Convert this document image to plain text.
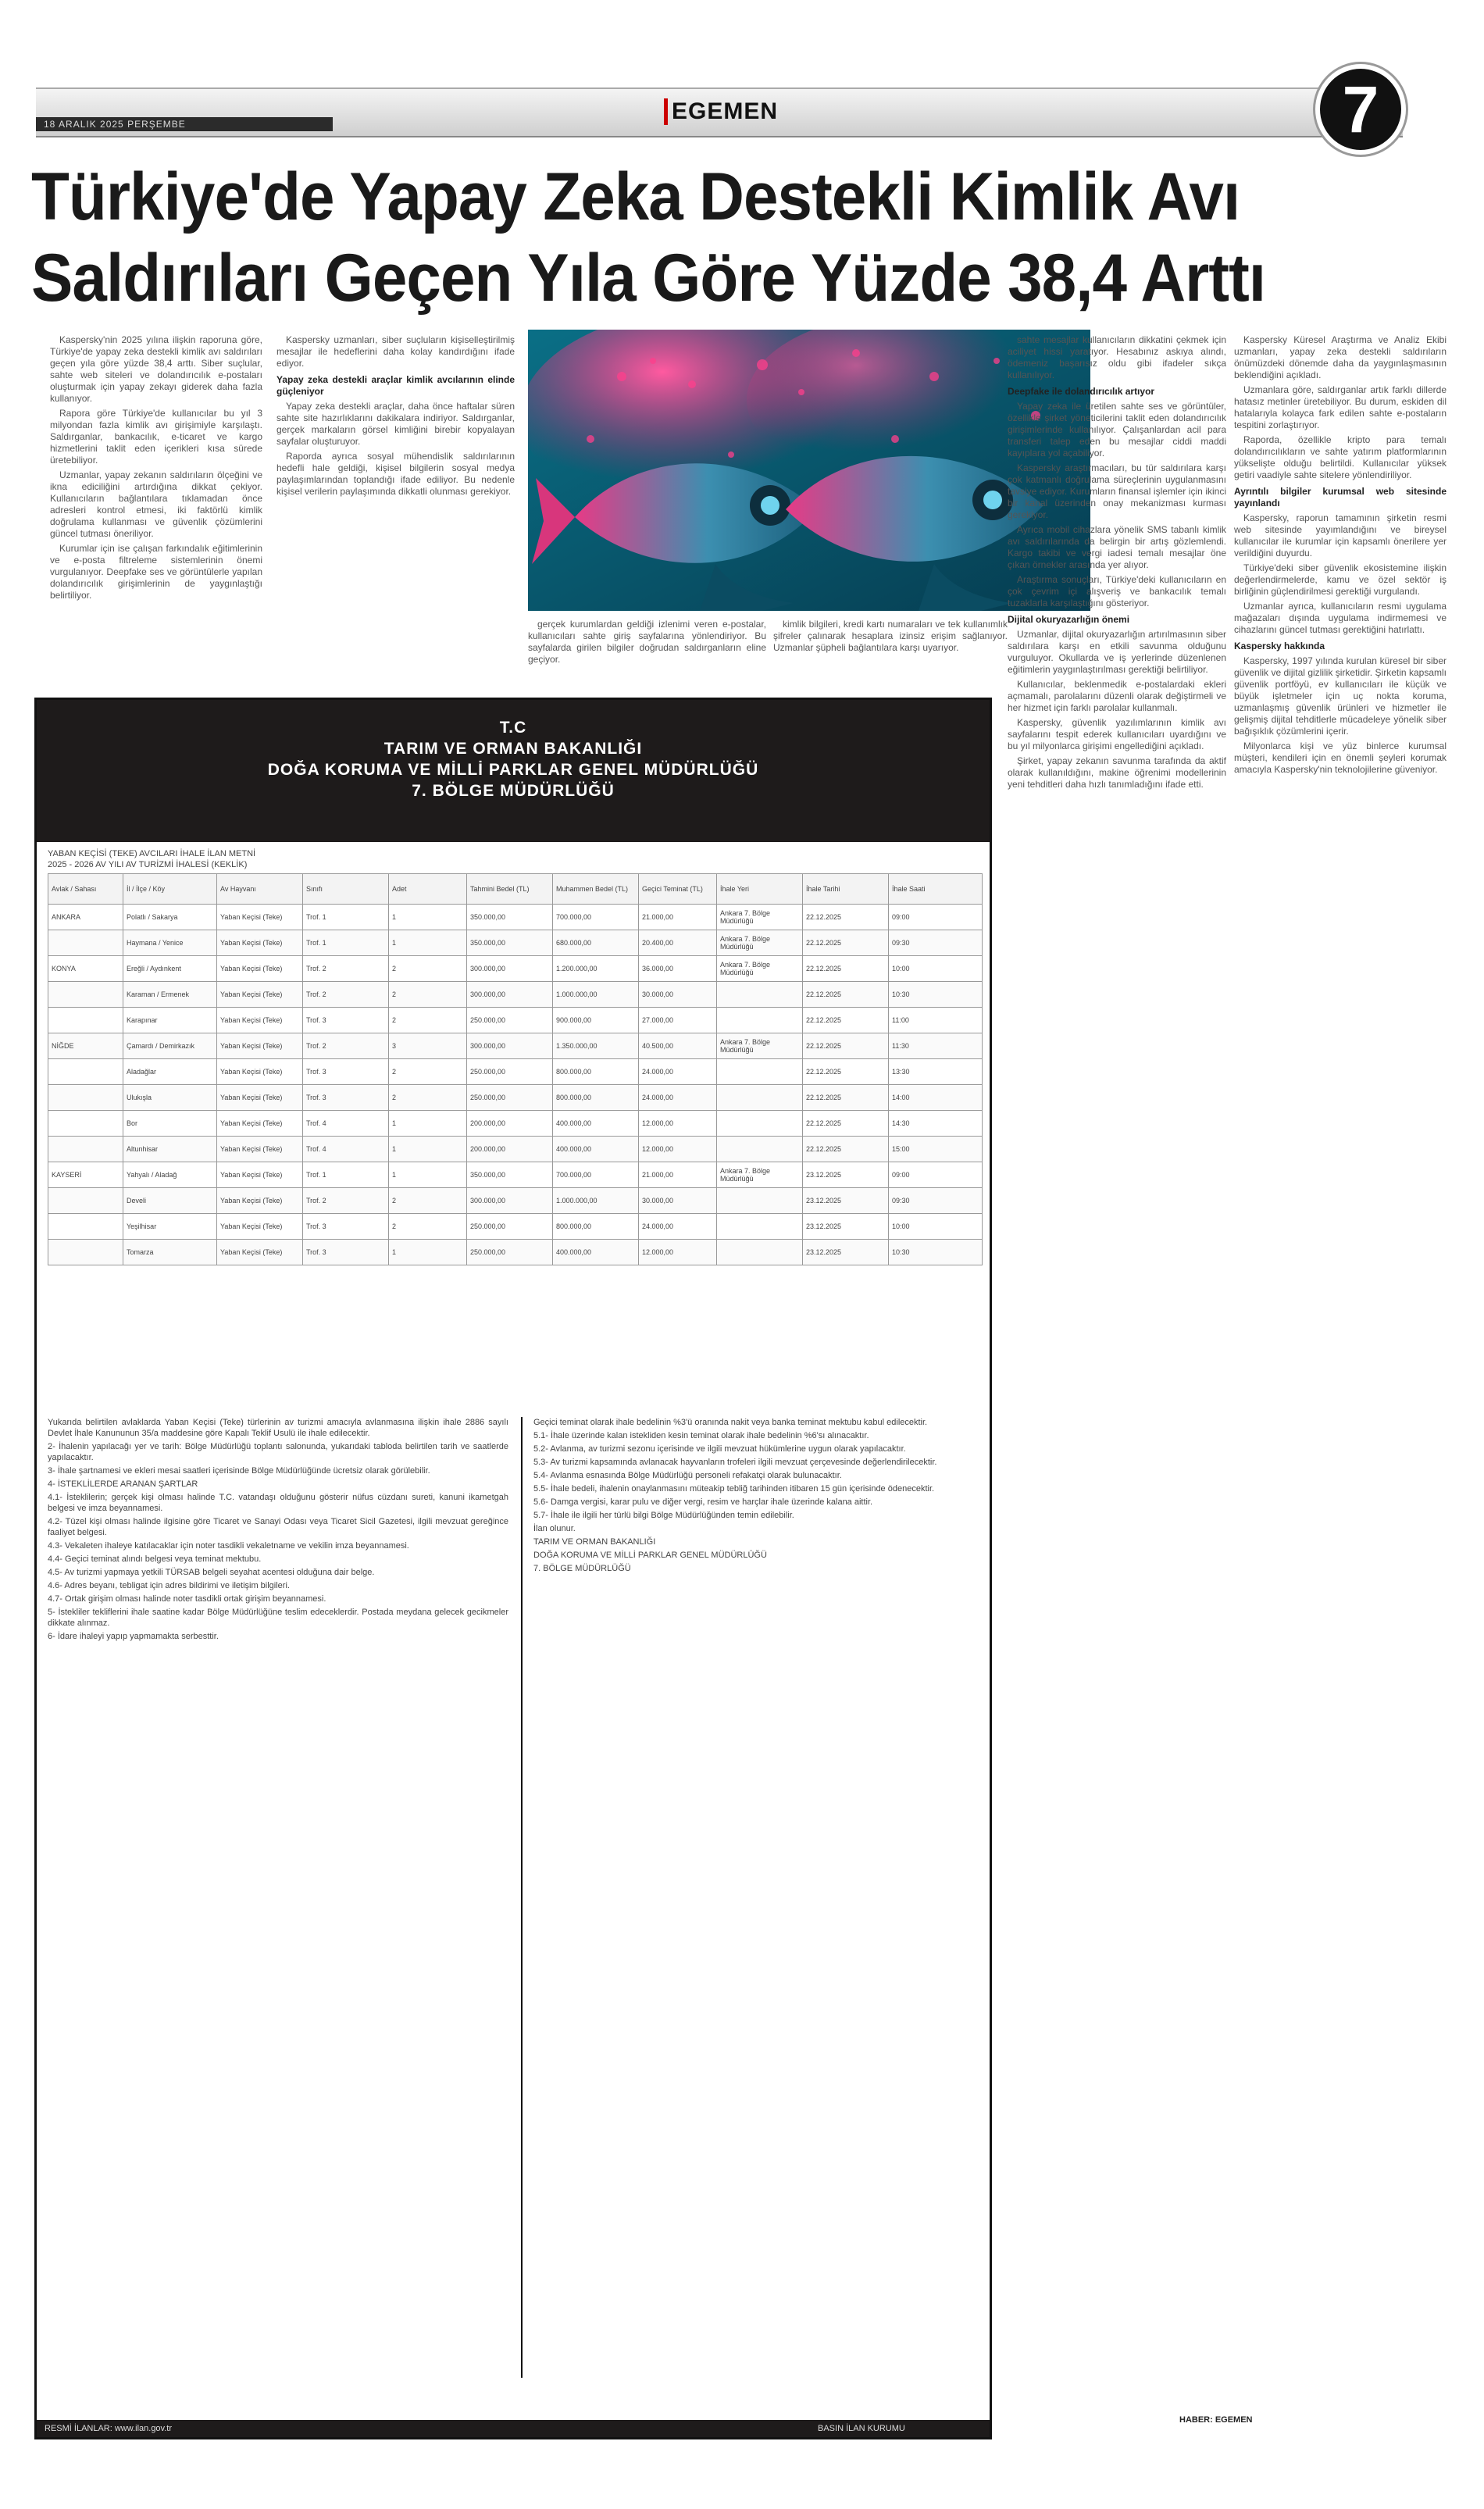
18 ARALIK 2025 PERŞEMBE	EGEMEN	7
Türkiye'de Yapay Zeka Destekli Kimlik Avı Saldırıları Geçen Yıla Göre Yüzde 38,4 Arttı

Kaspersky'nin 2025 yılına ilişkin raporuna göre, Türkiye'de yapay zeka destekli kimlik avı saldırıları geçen yıla göre yüzde 38,4 arttı. Siber suçlular, sahte web siteleri ve dolandırıcılık e-postaları oluşturmak için yapay zekayı giderek daha fazla kullanıyor.

Rapora göre Türkiye'de kullanıcılar bu yıl 3 milyondan fazla kimlik avı girişimiyle karşılaştı. Saldırganlar, bankacılık, e-ticaret ve kargo hizmetlerini taklit eden içerikleri kısa sürede üretebiliyor.

Uzmanlar, yapay zekanın saldırıların ölçeğini ve ikna ediciliğini artırdığına dikkat çekiyor. Kullanıcıların bağlantılara tıklamadan önce adresleri kontrol etmesi, iki faktörlü kimlik doğrulama kullanması ve güvenlik çözümlerini güncel tutması öneriliyor.

Kurumlar için ise çalışan farkındalık eğitimlerinin ve e-posta filtreleme sistemlerinin önemi vurgulanıyor. Deepfake ses ve görüntülerle yapılan dolandırıcılık girişimlerinin de yaygınlaştığı belirtiliyor.

Kaspersky uzmanları, siber suçluların kişiselleştirilmiş mesajlar ile hedeflerini daha kolay kandırdığını ifade ediyor.

Yapay zeka destekli araçlar kimlik avcılarının elinde güçleniyor

Yapay zeka destekli araçlar, daha önce haftalar süren sahte site hazırlıklarını dakikalara indiriyor. Saldırganlar, gerçek markaların görsel kimliğini birebir kopyalayan sayfalar oluşturuyor.

Raporda ayrıca sosyal mühendislik saldırılarının hedefli hale geldiği, kişisel bilgilerin sosyal medya paylaşımlarından toplandığı ifade ediliyor. Bu nedenle kişisel verilerin paylaşımında dikkatli olunması gerekiyor.

gerçek kurumlardan geldiği izlenimi veren e-postalar, kullanıcıları sahte giriş sayfalarına yönlendiriyor. Bu sayfalarda girilen bilgiler doğrudan saldırganların eline geçiyor.

kimlik bilgileri, kredi kartı numaraları ve tek kullanımlık şifreler çalınarak hesaplara izinsiz erişim sağlanıyor. Uzmanlar şüpheli bağlantılara karşı uyarıyor.

sahte mesajlar kullanıcıların dikkatini çekmek için aciliyet hissi yaratıyor. Hesabınız askıya alındı, ödemeniz başarısız oldu gibi ifadeler sıkça kullanılıyor.

Deepfake ile dolandırıcılık artıyor

Yapay zeka ile üretilen sahte ses ve görüntüler, özellikle şirket yöneticilerini taklit eden dolandırıcılık girişimlerinde kullanılıyor. Çalışanlardan acil para transferi talep eden bu mesajlar ciddi maddi kayıplara yol açabiliyor.

Kaspersky araştırmacıları, bu tür saldırılara karşı çok katmanlı doğrulama süreçlerinin uygulanmasını tavsiye ediyor. Kurumların finansal işlemler için ikinci bir kanal üzerinden onay mekanizması kurması gerekiyor.

Ayrıca mobil cihazlara yönelik SMS tabanlı kimlik avı saldırılarında da belirgin bir artış gözlemlendi. Kargo takibi ve vergi iadesi temalı mesajlar öne çıkan örnekler arasında yer alıyor.

Araştırma sonuçları, Türkiye'deki kullanıcıların en çok çevrim içi alışveriş ve bankacılık temalı tuzaklarla karşılaştığını gösteriyor.

Dijital okuryazarlığın önemi

Uzmanlar, dijital okuryazarlığın artırılmasının siber saldırılara karşı en etkili savunma olduğunu vurguluyor. Okullarda ve iş yerlerinde düzenlenen eğitimlerin yaygınlaştırılması gerektiği belirtiliyor.

Kullanıcılar, beklenmedik e-postalardaki ekleri açmamalı, parolalarını düzenli olarak değiştirmeli ve her hizmet için farklı parolalar kullanmalı.

Kaspersky, güvenlik yazılımlarının kimlik avı sayfalarını tespit ederek kullanıcıları uyardığını ve bu yıl milyonlarca girişimi engellediğini açıkladı.

Şirket, yapay zekanın savunma tarafında da aktif olarak kullanıldığını, makine öğrenimi modellerinin yeni tehditleri daha hızlı tanımladığını ifade etti.

Kaspersky Küresel Araştırma ve Analiz Ekibi uzmanları, yapay zeka destekli saldırıların önümüzdeki dönemde daha da yaygınlaşmasının beklendiğini açıkladı.

Uzmanlara göre, saldırganlar artık farklı dillerde hatasız metinler üretebiliyor. Bu durum, eskiden dil hatalarıyla kolayca fark edilen sahte e-postaların tespitini zorlaştırıyor.

Raporda, özellikle kripto para temalı dolandırıcılıkların ve sahte yatırım platformlarının yükselişte olduğu belirtildi. Kullanıcılar yüksek getiri vaadiyle sahte sitelere yönlendiriliyor.

Ayrıntılı bilgiler kurumsal web sitesinde yayınlandı

Kaspersky, raporun tamamının şirketin resmi web sitesinde yayımlandığını ve bireysel kullanıcılar ile kurumlar için kapsamlı önerilere yer verildiğini duyurdu.

Türkiye'deki siber güvenlik ekosistemine ilişkin değerlendirmelerde, kamu ve özel sektör iş birliğinin güçlendirilmesi gerektiği vurgulandı.

Uzmanlar ayrıca, kullanıcıların resmi uygulama mağazaları dışında uygulama indirmemesi ve cihazlarını güncel tutması gerektiğini hatırlattı.

Kaspersky hakkında

Kaspersky, 1997 yılında kurulan küresel bir siber güvenlik ve dijital gizlilik şirketidir. Şirketin kapsamlı güvenlik portföyü, ev kullanıcıları ile küçük ve büyük işletmeler için uç nokta koruma, uzmanlaşmış güvenlik ürünleri ve hizmetler ile gelişmiş dijital tehditlerle mücadeleye yönelik siber bağışıklık çözümlerini içerir.

Milyonlarca kişi ve yüz binlerce kurumsal müşteri, kendileri için en önemli şeyleri korumak amacıyla Kaspersky'nin teknolojilerine güveniyor.

HABER: EGEMEN
T.C
TARIM VE ORMAN BAKANLIĞI
DOĞA KORUMA VE MİLLİ PARKLAR GENEL MÜDÜRLÜĞÜ
7. BÖLGE MÜDÜRLÜĞÜ
YABAN KEÇİSİ (TEKE) AVCILARI İHALE İLAN METNİ
2025 - 2026 AV YILI AV TURİZMİ İHALESİ (KEKLİK)
Avlak / Sahası	İl / İlçe / Köy	Av Hayvanı	Sınıfı	Adet	Tahmini Bedel (TL)	Muhammen Bedel (TL)	Geçici Teminat (TL)	İhale Yeri	İhale Tarihi	İhale Saati
ANKARA	Polatlı / Sakarya	Yaban Keçisi (Teke)	Trof. 1	1	350.000,00	700.000,00	21.000,00	Ankara 7. Bölge Müdürlüğü	22.12.2025	09:00
	Haymana / Yenice	Yaban Keçisi (Teke)	Trof. 1	1	350.000,00	680.000,00	20.400,00	Ankara 7. Bölge Müdürlüğü	22.12.2025	09:30
KONYA	Ereğli / Aydınkent	Yaban Keçisi (Teke)	Trof. 2	2	300.000,00	1.200.000,00	36.000,00	Ankara 7. Bölge Müdürlüğü	22.12.2025	10:00
	Karaman / Ermenek	Yaban Keçisi (Teke)	Trof. 2	2	300.000,00	1.000.000,00	30.000,00		22.12.2025	10:30
	Karapınar	Yaban Keçisi (Teke)	Trof. 3	2	250.000,00	900.000,00	27.000,00		22.12.2025	11:00
NİĞDE	Çamardı / Demirkazık	Yaban Keçisi (Teke)	Trof. 2	3	300.000,00	1.350.000,00	40.500,00	Ankara 7. Bölge Müdürlüğü	22.12.2025	11:30
	Aladağlar	Yaban Keçisi (Teke)	Trof. 3	2	250.000,00	800.000,00	24.000,00		22.12.2025	13:30
	Ulukışla	Yaban Keçisi (Teke)	Trof. 3	2	250.000,00	800.000,00	24.000,00		22.12.2025	14:00
	Bor	Yaban Keçisi (Teke)	Trof. 4	1	200.000,00	400.000,00	12.000,00		22.12.2025	14:30
	Altunhisar	Yaban Keçisi (Teke)	Trof. 4	1	200.000,00	400.000,00	12.000,00		22.12.2025	15:00
KAYSERİ	Yahyalı / Aladağ	Yaban Keçisi (Teke)	Trof. 1	1	350.000,00	700.000,00	21.000,00	Ankara 7. Bölge Müdürlüğü	23.12.2025	09:00
	Develi	Yaban Keçisi (Teke)	Trof. 2	2	300.000,00	1.000.000,00	30.000,00		23.12.2025	09:30
	Yeşilhisar	Yaban Keçisi (Teke)	Trof. 3	2	250.000,00	800.000,00	24.000,00		23.12.2025	10:00
	Tomarza	Yaban Keçisi (Teke)	Trof. 3	1	250.000,00	400.000,00	12.000,00		23.12.2025	10:30

Yukarıda belirtilen avlaklarda Yaban Keçisi (Teke) türlerinin av turizmi amacıyla avlanmasına ilişkin ihale 2886 sayılı Devlet İhale Kanununun 35/a maddesine göre Kapalı Teklif Usulü ile ihale edilecektir.

2- İhalenin yapılacağı yer ve tarih: Bölge Müdürlüğü toplantı salonunda, yukarıdaki tabloda belirtilen tarih ve saatlerde yapılacaktır.

3- İhale şartnamesi ve ekleri mesai saatleri içerisinde Bölge Müdürlüğünde ücretsiz olarak görülebilir.

4- İSTEKLİLERDE ARANAN ŞARTLAR

4.1- İsteklilerin; gerçek kişi olması halinde T.C. vatandaşı olduğunu gösterir nüfus cüzdanı sureti, kanuni ikametgah belgesi ve imza beyannamesi.

4.2- Tüzel kişi olması halinde ilgisine göre Ticaret ve Sanayi Odası veya Ticaret Sicil Gazetesi, ilgili mevzuat gereğince faaliyet belgesi.

4.3- Vekaleten ihaleye katılacaklar için noter tasdikli vekaletname ve vekilin imza beyannamesi.

4.4- Geçici teminat alındı belgesi veya teminat mektubu.

4.5- Av turizmi yapmaya yetkili TÜRSAB belgeli seyahat acentesi olduğuna dair belge.

4.6- Adres beyanı, tebligat için adres bildirimi ve iletişim bilgileri.

4.7- Ortak girişim olması halinde noter tasdikli ortak girişim beyannamesi.

5- İstekliler tekliflerini ihale saatine kadar Bölge Müdürlüğüne teslim edeceklerdir. Postada meydana gelecek gecikmeler dikkate alınmaz.

6- İdare ihaleyi yapıp yapmamakta serbesttir.

Geçici teminat olarak ihale bedelinin %3'ü oranında nakit veya banka teminat mektubu kabul edilecektir.

5.1- İhale üzerinde kalan istekliden kesin teminat olarak ihale bedelinin %6'sı alınacaktır.

5.2- Avlanma, av turizmi sezonu içerisinde ve ilgili mevzuat hükümlerine uygun olarak yapılacaktır.

5.3- Av turizmi kapsamında avlanacak hayvanların trofeleri ilgili mevzuat çerçevesinde değerlendirilecektir.

5.4- Avlanma esnasında Bölge Müdürlüğü personeli refakatçi olarak bulunacaktır.

5.5- İhale bedeli, ihalenin onaylanmasını müteakip tebliğ tarihinden itibaren 15 gün içerisinde ödenecektir.

5.6- Damga vergisi, karar pulu ve diğer vergi, resim ve harçlar ihale üzerinde kalana aittir.

5.7- İhale ile ilgili her türlü bilgi Bölge Müdürlüğünden temin edilebilir.

İlan olunur.

TARIM VE ORMAN BAKANLIĞI

DOĞA KORUMA VE MİLLİ PARKLAR GENEL MÜDÜRLÜĞÜ

7. BÖLGE MÜDÜRLÜĞÜ

RESMİ İLANLAR: www.ilan.gov.tr	BASIN İLAN KURUMU
